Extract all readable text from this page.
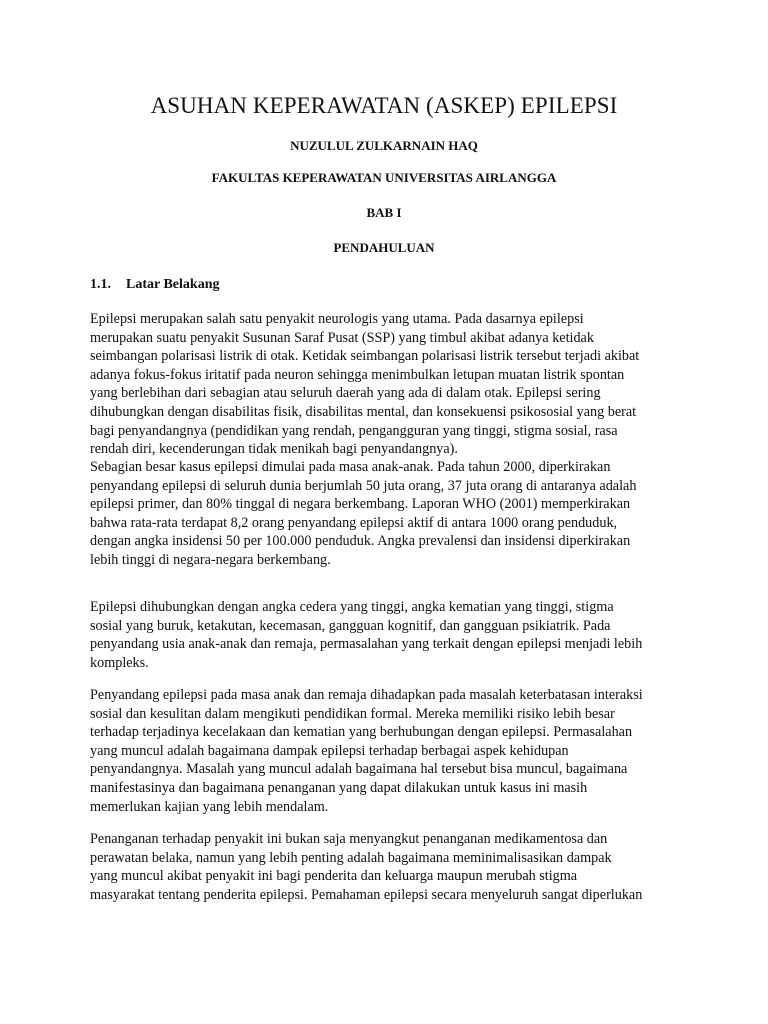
ASUHAN KEPERAWATAN (ASKEP) EPILEPSI

NUZULUL ZULKARNAIN HAQ

FAKULTAS KEPERAWATAN UNIVERSITAS AIRLANGGA

BAB I

PENDAHULUAN

1.1. Latar Belakang
Epilepsi merupakan salah satu penyakit neurologis yang utama. Pada dasarnya epilepsi
merupakan suatu penyakit Susunan Saraf Pusat (SSP) yang timbul akibat adanya ketidak
seimbangan polarisasi listrik di otak. Ketidak seimbangan polarisasi listrik tersebut terjadi akibat
adanya fokus-fokus iritatif pada neuron sehingga menimbulkan letupan muatan listrik spontan
yang berlebihan dari sebagian atau seluruh daerah yang ada di dalam otak. Epilepsi sering
dihubungkan dengan disabilitas fisik, disabilitas mental, dan konsekuensi psikososial yang berat
bagi penyandangnya (pendidikan yang rendah, pengangguran yang tinggi, stigma sosial, rasa
rendah diri, kecenderungan tidak menikah bagi penyandangnya).
Sebagian besar kasus epilepsi dimulai pada masa anak-anak. Pada tahun 2000, diperkirakan
penyandang epilepsi di seluruh dunia berjumlah 50 juta orang, 37 juta orang di antaranya adalah
epilepsi primer, dan 80% tinggal di negara berkembang. Laporan WHO (2001) memperkirakan
bahwa rata-rata terdapat 8,2 orang penyandang epilepsi aktif di antara 1000 orang penduduk,
dengan angka insidensi 50 per 100.000 penduduk. Angka prevalensi dan insidensi diperkirakan
lebih tinggi di negara-negara berkembang.
Epilepsi dihubungkan dengan angka cedera yang tinggi, angka kematian yang tinggi, stigma
sosial yang buruk, ketakutan, kecemasan, gangguan kognitif, dan gangguan psikiatrik. Pada
penyandang usia anak-anak dan remaja, permasalahan yang terkait dengan epilepsi menjadi lebih
kompleks.
Penyandang epilepsi pada masa anak dan remaja dihadapkan pada masalah keterbatasan interaksi
sosial dan kesulitan dalam mengikuti pendidikan formal. Mereka memiliki risiko lebih besar
terhadap terjadinya kecelakaan dan kematian yang berhubungan dengan epilepsi. Permasalahan
yang muncul adalah bagaimana dampak epilepsi terhadap berbagai aspek kehidupan
penyandangnya. Masalah yang muncul adalah bagaimana hal tersebut bisa muncul, bagaimana
manifestasinya dan bagaimana penanganan yang dapat dilakukan untuk kasus ini masih
memerlukan kajian yang lebih mendalam.
Penanganan terhadap penyakit ini bukan saja menyangkut penanganan medikamentosa dan
perawatan belaka, namun yang lebih penting adalah bagaimana meminimalisasikan dampak
yang muncul akibat penyakit ini bagi penderita dan keluarga maupun merubah stigma
masyarakat tentang penderita epilepsi. Pemahaman epilepsi secara menyeluruh sangat diperlukan
